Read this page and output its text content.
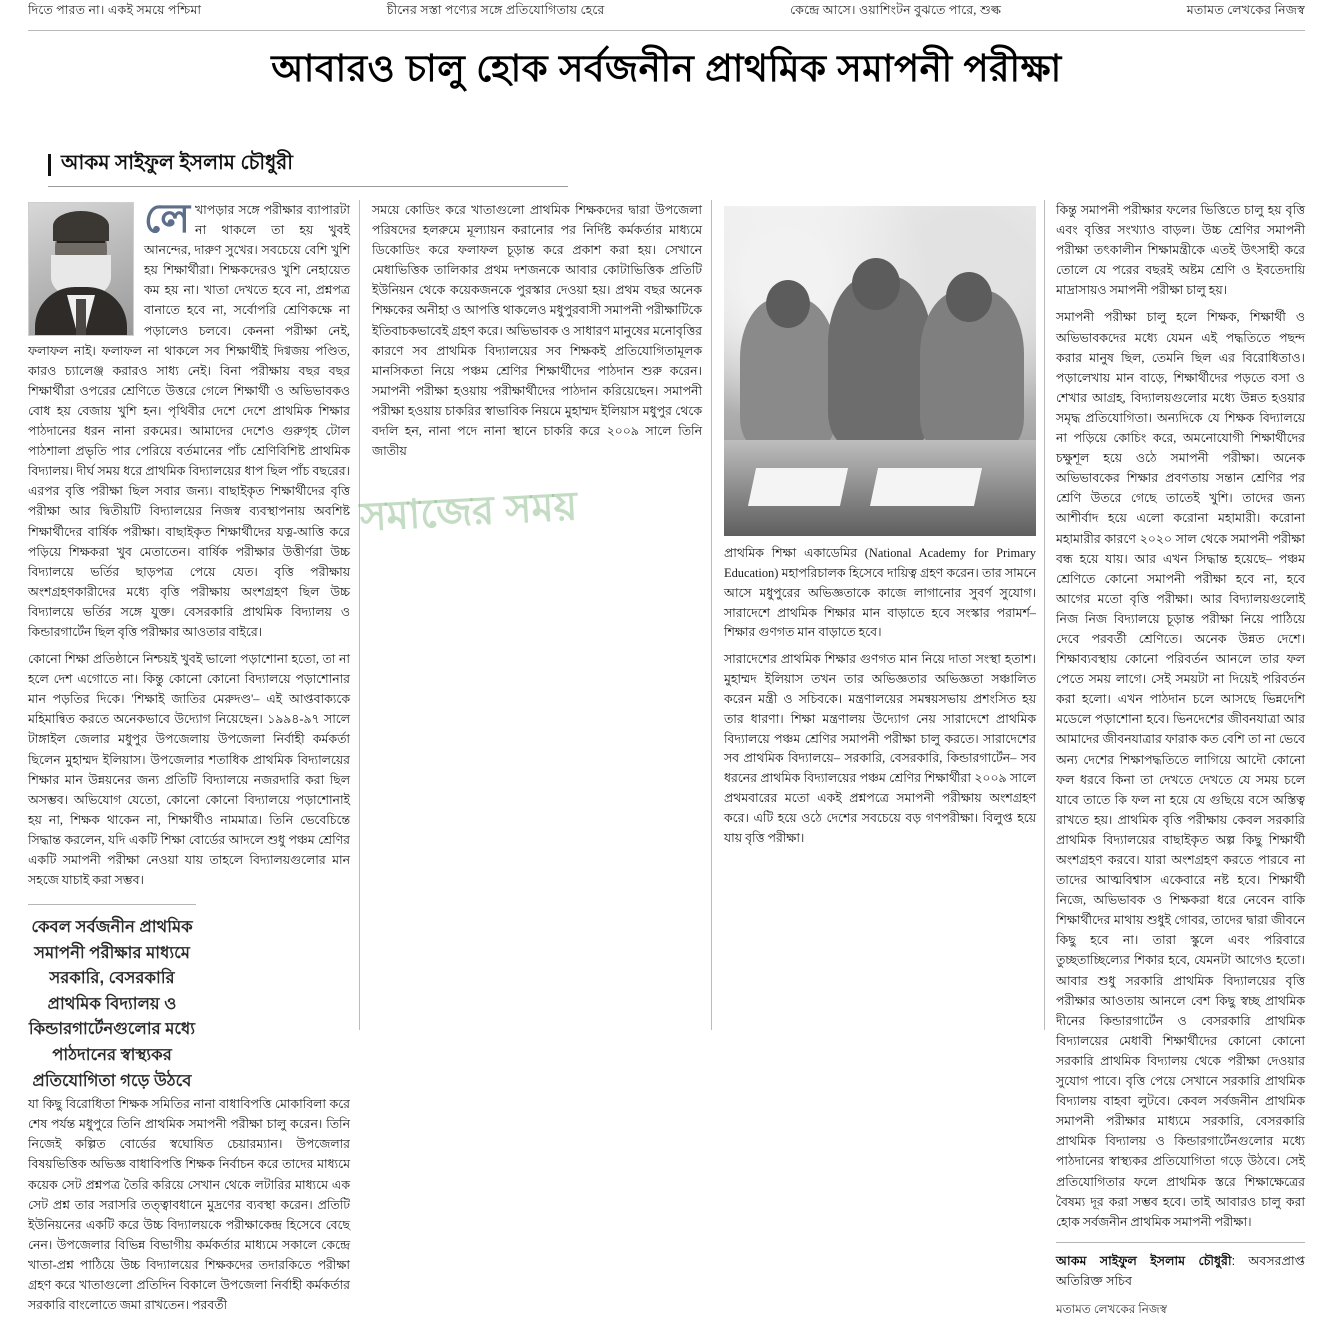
দিতে পারত না। একই সময়ে পশ্চিমা	চীনের সস্তা পণ্যের সঙ্গে প্রতিযোগিতায় হেরে	কেন্দ্রে আসে। ওয়াশিংটন বুঝতে পারে, শুল্ক	মতামত লেখকের নিজস্ব
আবারও চালু হোক সর্বজনীন প্রাথমিক সমাপনী পরীক্ষা
আকম সাইফুল ইসলাম চৌধুরী

লেখাপড়ার সঙ্গে পরীক্ষার ব্যাপারটা না থাকলে তা হয় খুবই আনন্দের, দারুণ সুখের। সবচেয়ে বেশি খুশি হয় শিক্ষার্থীরা। শিক্ষকদেরও খুশি নেহায়েত কম হয় না। খাতা দেখতে হবে না, প্রশ্নপত্র বানাতে হবে না, সর্বোপরি শ্রেণিকক্ষে না পড়ালেও চলবে। কেননা পরীক্ষা নেই, ফলাফল নাই। ফলাফল না থাকলে সব শিক্ষার্থীই দিগ্বজয় পণ্ডিত, কারও চ্যালেঞ্জ করারও সাধ্য নেই। বিনা পরীক্ষায় বছর বছর শিক্ষার্থীরা ওপরের শ্রেণিতে উত্তরে গেলে শিক্ষার্থী ও অভিভাবকও বোধ হয় বেজায় খুশি হন। পৃথিবীর দেশে দেশে প্রাথমিক শিক্ষার পাঠদানের ধরন নানা রকমের। আমাদের দেশেও গুরুগৃহ টোল পাঠশালা প্রভৃতি পার পেরিয়ে বর্তমানের পাঁচ শ্রেণিবিশিষ্ট প্রাথমিক বিদ্যালয়। দীর্ঘ সময় ধরে প্রাথমিক বিদ্যালয়ের ধাপ ছিল পাঁচ বছরের। এরপর বৃত্তি পরীক্ষা ছিল সবার জন্য। বাছাইকৃত শিক্ষার্থীদের বৃত্তি পরীক্ষা আর দ্বিতীয়টি বিদ্যালয়ের নিজস্ব ব্যবস্থাপনায় অবশিষ্ট শিক্ষার্থীদের বার্ষিক পরীক্ষা। বাছাইকৃত শিক্ষার্থীদের যত্ন-আত্তি করে পড়িয়ে শিক্ষকরা খুব মেতাতেন। বার্ষিক পরীক্ষার উত্তীর্ণরা উচ্চ বিদ্যালয়ে ভর্তির ছাড়পত্র পেয়ে যেত। বৃত্তি পরীক্ষায় অংশগ্রহণকারীদের মধ্যে বৃত্তি পরীক্ষায় অংশগ্রহণ ছিল উচ্চ বিদ্যালয়ে ভর্তির সঙ্গে যুক্ত। বেসরকারি প্রাথমিক বিদ্যালয় ও কিন্ডারগার্টেন ছিল বৃত্তি পরীক্ষার আওতার বাইরে।

কোনো শিক্ষা প্রতিষ্ঠানে নিশ্চয়ই খুবই ভালো পড়াশোনা হতো, তা না হলে দেশ এগোতে না। কিন্তু কোনো কোনো বিদ্যালয়ে পড়াশোনার মান পড়তির দিকে। 'শিক্ষাই জাতির মেরুদণ্ড'– এই আপ্তবাক্যকে মহিমান্বিত করতে অনেকভাবে উদ্যোগ নিয়েছেন। ১৯৯৪-৯৭ সালে টাঙ্গাইল জেলার মধুপুর উপজেলায় উপজেলা নির্বাহী কর্মকর্তা ছিলেন মুহাম্মদ ইলিয়াস। উপজেলার শতাধিক প্রাথমিক বিদ্যালয়ের শিক্ষার মান উন্নয়নের জন্য প্রতিটি বিদ্যালয়ে নজরদারি করা ছিল অসম্ভব। অভিযোগ যেতো, কোনো কোনো বিদ্যালয়ে পড়াশোনাই হয় না, শিক্ষক থাকেন না, শিক্ষার্থীও নামমাত্র। তিনি ভেবেচিন্তে সিদ্ধান্ত করলেন, যদি একটি শিক্ষা বোর্ডের আদলে শুধু পঞ্চম শ্রেণির একটি সমাপনী পরীক্ষা নেওয়া যায় তাহলে বিদ্যালয়গুলোর মান সহজে যাচাই করা সম্ভব।

কেবল সর্বজনীন প্রাথমিক সমাপনী পরীক্ষার মাধ্যমে সরকারি, বেসরকারি প্রাথমিক বিদ্যালয় ও কিন্ডারগার্টেনগুলোর মধ্যে পাঠদানের স্বাস্থ্যকর প্রতিযোগিতা গড়ে উঠবে

যা কিছু বিরোধিতা শিক্ষক সমিতির নানা বাধাবিপত্তি মোকাবিলা করে শেষ পর্যন্ত মধুপুরে তিনি প্রাথমিক সমাপনী পরীক্ষা চালু করেন। তিনি নিজেই কল্পিত বোর্ডের স্বঘোষিত চেয়ারম্যান। উপজেলার বিষয়ভিত্তিক অভিজ্ঞ বাধাবিপত্তি শিক্ষক নির্বাচন করে তাদের মাধ্যমে কয়েক সেট প্রশ্নপত্র তৈরি করিয়ে সেখান থেকে লটারির মাধ্যমে এক সেট প্রশ্ন তার সরাসরি তত্ত্বাবধানে মুদ্রণের ব্যবস্থা করেন। প্রতিটি ইউনিয়নের একটি করে উচ্চ বিদ্যালয়কে পরীক্ষাকেন্দ্র হিসেবে বেছে নেন। উপজেলার বিভিন্ন বিভাগীয় কর্মকর্তার মাধ্যমে সকালে কেন্দ্রে খাতা-প্রশ্ন পাঠিয়ে উচ্চ বিদ্যালয়ের শিক্ষকদের তদারকিতে পরীক্ষা গ্রহণ করে খাতাগুলো প্রতিদিন বিকালে উপজেলা নির্বাহী কর্মকর্তার সরকারি বাংলোতে জমা রাখতেন। পরবর্তী

সময়ে কোডিং করে খাতাগুলো প্রাথমিক শিক্ষকদের দ্বারা উপজেলা পরিষদের হলরুমে মূল্যায়ন করানোর পর নির্দিষ্ট কর্মকর্তার মাধ্যমে ডিকোডিং করে ফলাফল চূড়ান্ত করে প্রকাশ করা হয়। সেখানে মেধাভিত্তিক তালিকার প্রথম দশজনকে আবার কোটাভিত্তিক প্রতিটি ইউনিয়ন থেকে কয়েকজনকে পুরস্কার দেওয়া হয়। প্রথম বছর অনেক শিক্ষকের অনীহা ও আপত্তি থাকলেও মধুপুরবাসী সমাপনী পরীক্ষাটিকে ইতিবাচকভাবেই গ্রহণ করে। অভিভাবক ও সাধারণ মানুষের মনোবৃত্তির কারণে সব প্রাথমিক বিদ্যালয়ের সব শিক্ষকই প্রতিযোগিতামূলক মানসিকতা নিয়ে পঞ্চম শ্রেণির শিক্ষার্থীদের পাঠদান শুরু করেন। সমাপনী পরীক্ষা হওয়ায় পরীক্ষার্থীদের পাঠদান করিয়েছেন। সমাপনী পরীক্ষা হওয়ায় চাকরির স্বাভাবিক নিয়মে মুহাম্মদ ইলিয়াস মধুপুর থেকে বদলি হন, নানা পদে নানা স্থানে চাকরি করে ২০০৯ সালে তিনি জাতীয়

প্রাথমিক শিক্ষা একাডেমির (National Academy for Primary Education) মহাপরিচালক হিসেবে দায়িত্ব গ্রহণ করেন। তার সামনে আসে মধুপুরের অভিজ্ঞতাকে কাজে লাগানোর সুবর্ণ সুযোগ। সারাদেশে প্রাথমিক শিক্ষার মান বাড়াতে হবে সংস্কার পরামর্শ– শিক্ষার গুণগত মান বাড়াতে হবে।

সারাদেশের প্রাথমিক শিক্ষার গুণগত মান নিয়ে দাতা সংস্থা হতাশ। মুহাম্মদ ইলিয়াস তখন তার অভিজ্ঞতার অভিজ্ঞতা সঞ্চালিত করেন মন্ত্রী ও সচিবকে। মন্ত্রণালয়ের সমন্বয়সভায় প্রশংসিত হয় তার ধারণা। শিক্ষা মন্ত্রণালয় উদ্যোগ নেয় সারাদেশে প্রাথমিক বিদ্যালয়ে পঞ্চম শ্রেণির সমাপনী পরীক্ষা চালু করতে। সারাদেশের সব প্রাথমিক বিদ্যালয়ে– সরকারি, বেসরকারি, কিন্ডারগার্টেন– সব ধরনের প্রাথমিক বিদ্যালয়ের পঞ্চম শ্রেণির শিক্ষার্থীরা ২০০৯ সালে প্রথমবারের মতো একই প্রশ্নপত্রে সমাপনী পরীক্ষায় অংশগ্রহণ করে। এটি হয়ে ওঠে দেশের সবচেয়ে বড় গণপরীক্ষা। বিলুপ্ত হয়ে যায় বৃত্তি পরীক্ষা।

কিন্তু সমাপনী পরীক্ষার ফলের ভিত্তিতে চালু হয় বৃত্তি এবং বৃত্তির সংখ্যাও বাড়ল। উচ্চ শ্রেণির সমাপনী পরীক্ষা তৎকালীন শিক্ষামন্ত্রীকে এতই উৎসাহী করে তোলে যে পরের বছরই অষ্টম শ্রেণি ও ইবতেদায়ি মাদ্রাসায়ও সমাপনী পরীক্ষা চালু হয়।

সমাপনী পরীক্ষা চালু হলে শিক্ষক, শিক্ষার্থী ও অভিভাবকদের মধ্যে যেমন এই পদ্ধতিতে পছন্দ করার মানুষ ছিল, তেমনি ছিল এর বিরোধিতাও। পড়ালেখায় মান বাড়ে, শিক্ষার্থীদের পড়তে বসা ও শেখার আগ্রহ, বিদ্যালয়গুলোর মধ্যে উন্নত হওয়ার সমৃদ্ধ প্রতিযোগিতা। অন্যদিকে যে শিক্ষক বিদ্যালয়ে না পড়িয়ে কোচিং করে, অমনোযোগী শিক্ষার্থীদের চক্ষুশূল হয়ে ওঠে সমাপনী পরীক্ষা। অনেক অভিভাবকের শিক্ষার প্রবণতায় সন্তান শ্রেণির পর শ্রেণি উতরে গেছে তাতেই খুশি। তাদের জন্য আশীর্বাদ হয়ে এলো করোনা মহামারী। করোনা মহামারীর কারণে ২০২০ সাল থেকে সমাপনী পরীক্ষা বন্ধ হয়ে যায়। আর এখন সিদ্ধান্ত হয়েছে– পঞ্চম শ্রেণিতে কোনো সমাপনী পরীক্ষা হবে না, হবে আগের মতো বৃত্তি পরীক্ষা। আর বিদ্যালয়গুলোই নিজ নিজ বিদ্যালয়ে চূড়ান্ত পরীক্ষা নিয়ে পাঠিয়ে দেবে পরবর্তী শ্রেণিতে। অনেক উন্নত দেশে। শিক্ষাব্যবস্থায় কোনো পরিবর্তন আনলে তার ফল পেতে সময় লাগে। সেই সময়টা না দিয়েই পরিবর্তন করা হলো। এখন পাঠদান চলে আসছে ভিন্নদেশি মডেলে পড়াশোনা হবে। ভিনদেশের জীবনযাত্রা আর আমাদের জীবনযাত্রার ফারাক কত বেশি তা না ভেবে অন্য দেশের শিক্ষাপদ্ধতিতে লাগিয়ে আদৌ কোনো ফল ধরবে কিনা তা দেখতে দেখতে যে সময় চলে যাবে তাতে কি ফল না হয়ে যে গুছিয়ে বসে অস্তিত্ব রাখতে হয়। প্রাথমিক বৃত্তি পরীক্ষায় কেবল সরকারি প্রাথমিক বিদ্যালয়ের বাছাইকৃত অল্প কিছু শিক্ষার্থী অংশগ্রহণ করবে। যারা অংশগ্রহণ করতে পারবে না তাদের আত্মবিশ্বাস একেবারে নষ্ট হবে। শিক্ষার্থী নিজে, অভিভাবক ও শিক্ষকরা ধরে নেবেন বাকি শিক্ষার্থীদের মাথায় শুধুই গোবর, তাদের দ্বারা জীবনে কিছু হবে না। তারা স্কুলে এবং পরিবারে তুচ্ছতাচ্ছিল্যের শিকার হবে, যেমনটা আগেও হতো। আবার শুধু সরকারি প্রাথমিক বিদ্যালয়ের বৃত্তি পরীক্ষার আওতায় আনলে বেশ কিছু স্বচ্ছ প্রাথমিক দীনের কিন্ডারগার্টেন ও বেসরকারি প্রাথমিক বিদ্যালয়ের মেধাবী শিক্ষার্থীদের কোনো কোনো সরকারি প্রাথমিক বিদ্যালয় থেকে পরীক্ষা দেওয়ার সুযোগ পাবে। বৃত্তি পেয়ে সেখানে সরকারি প্রাথমিক বিদ্যালয় বাহবা লুটবে। কেবল সর্বজনীন প্রাথমিক সমাপনী পরীক্ষার মাধ্যমে সরকারি, বেসরকারি প্রাথমিক বিদ্যালয় ও কিন্ডারগার্টেনগুলোর মধ্যে পাঠদানের স্বাস্থ্যকর প্রতিযোগিতা গড়ে উঠবে। সেই প্রতিযোগিতার ফলে প্রাথমিক স্তরে শিক্ষাক্ষেত্রের বৈষম্য দূর করা সম্ভব হবে। তাই আবারও চালু করা হোক সর্বজনীন প্রাথমিক সমাপনী পরীক্ষা।

আকম সাইফুল ইসলাম চৌধুরী: অবসরপ্রাপ্ত অতিরিক্ত সচিব
মতামত লেখকের নিজস্ব
সমাজের সময়
